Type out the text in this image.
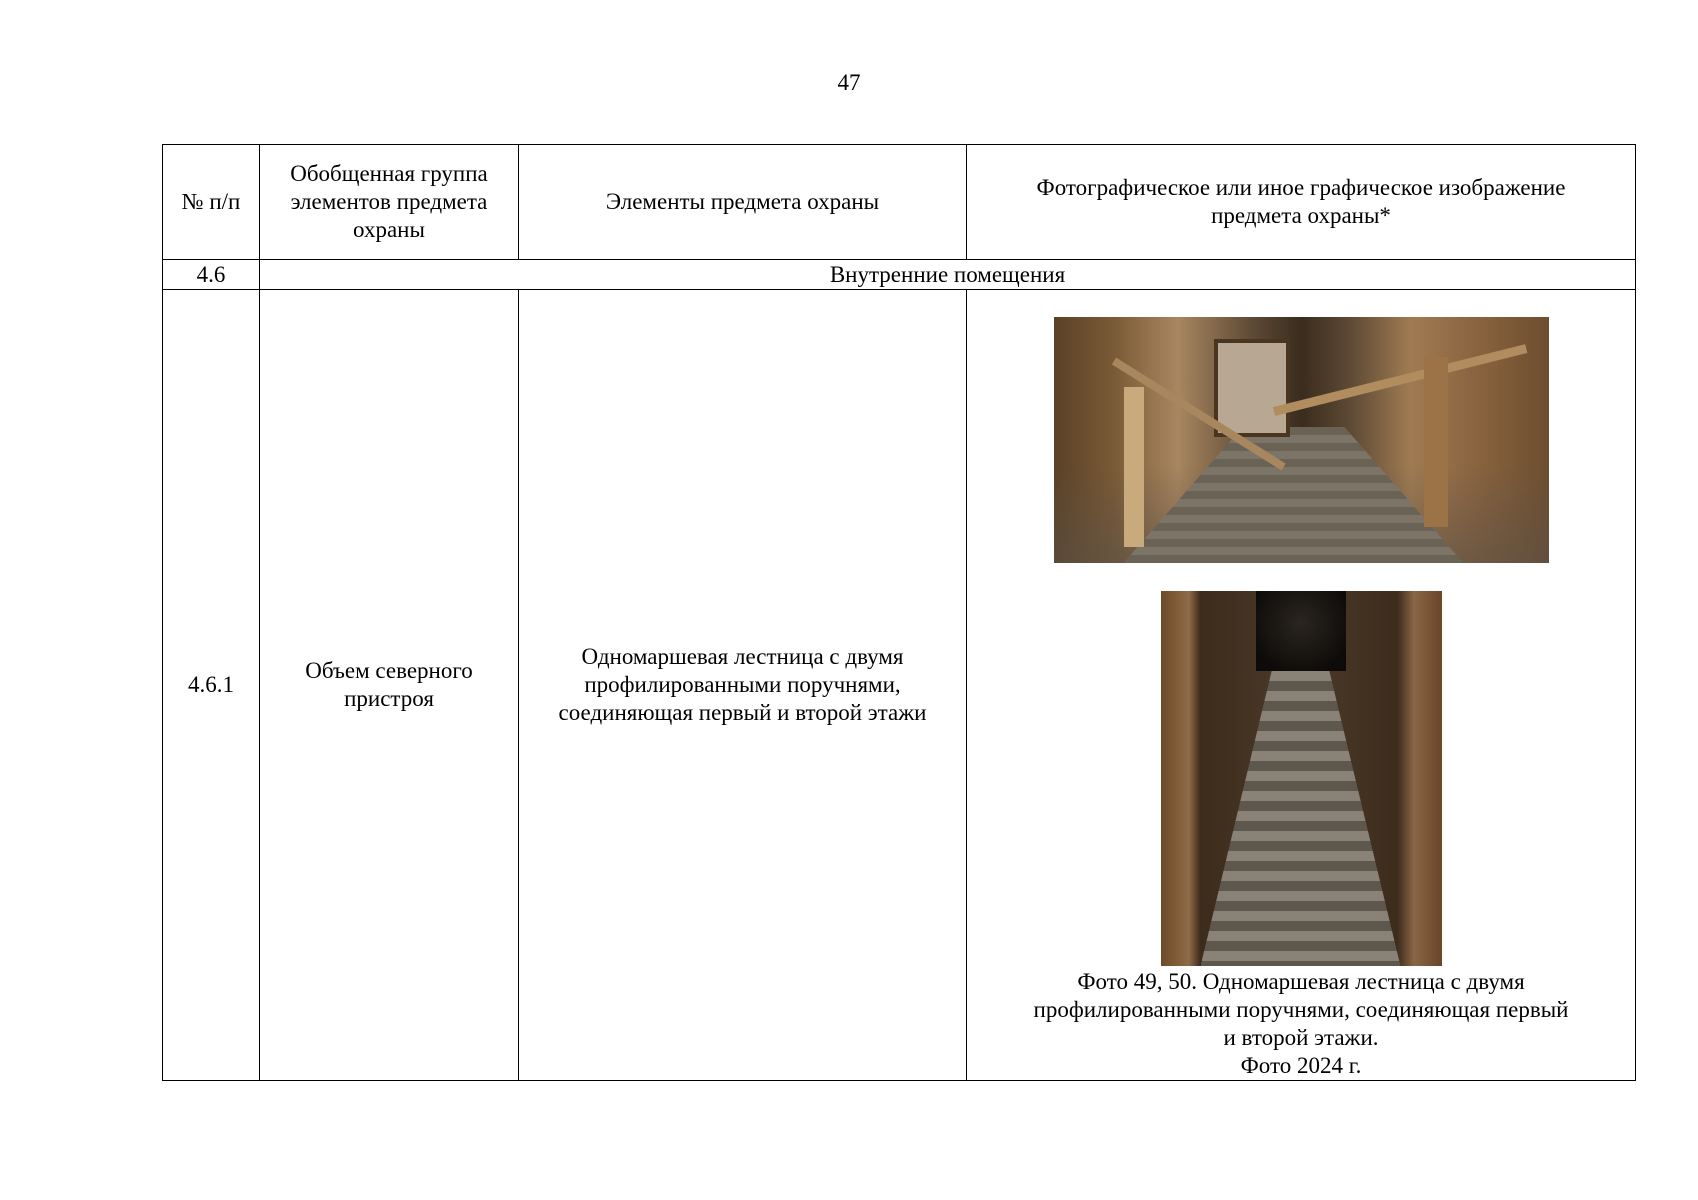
47
№ п/п	Обобщенная группа элементов предмета охраны	Элементы предмета охраны	Фотографическое или иное графическое изображение предмета охраны*

4.6	Внутренние помещения		
4.6.1	Объем северного пристроя	Одномаршевая лестница с двумя профилированными поручнями, соединяющая первый и второй этажи	Фото 49, 50. Одномаршевая лестница с двумя
профилированными поручнями, соединяющая первый
и второй этажи.
Фото 2024 г.
